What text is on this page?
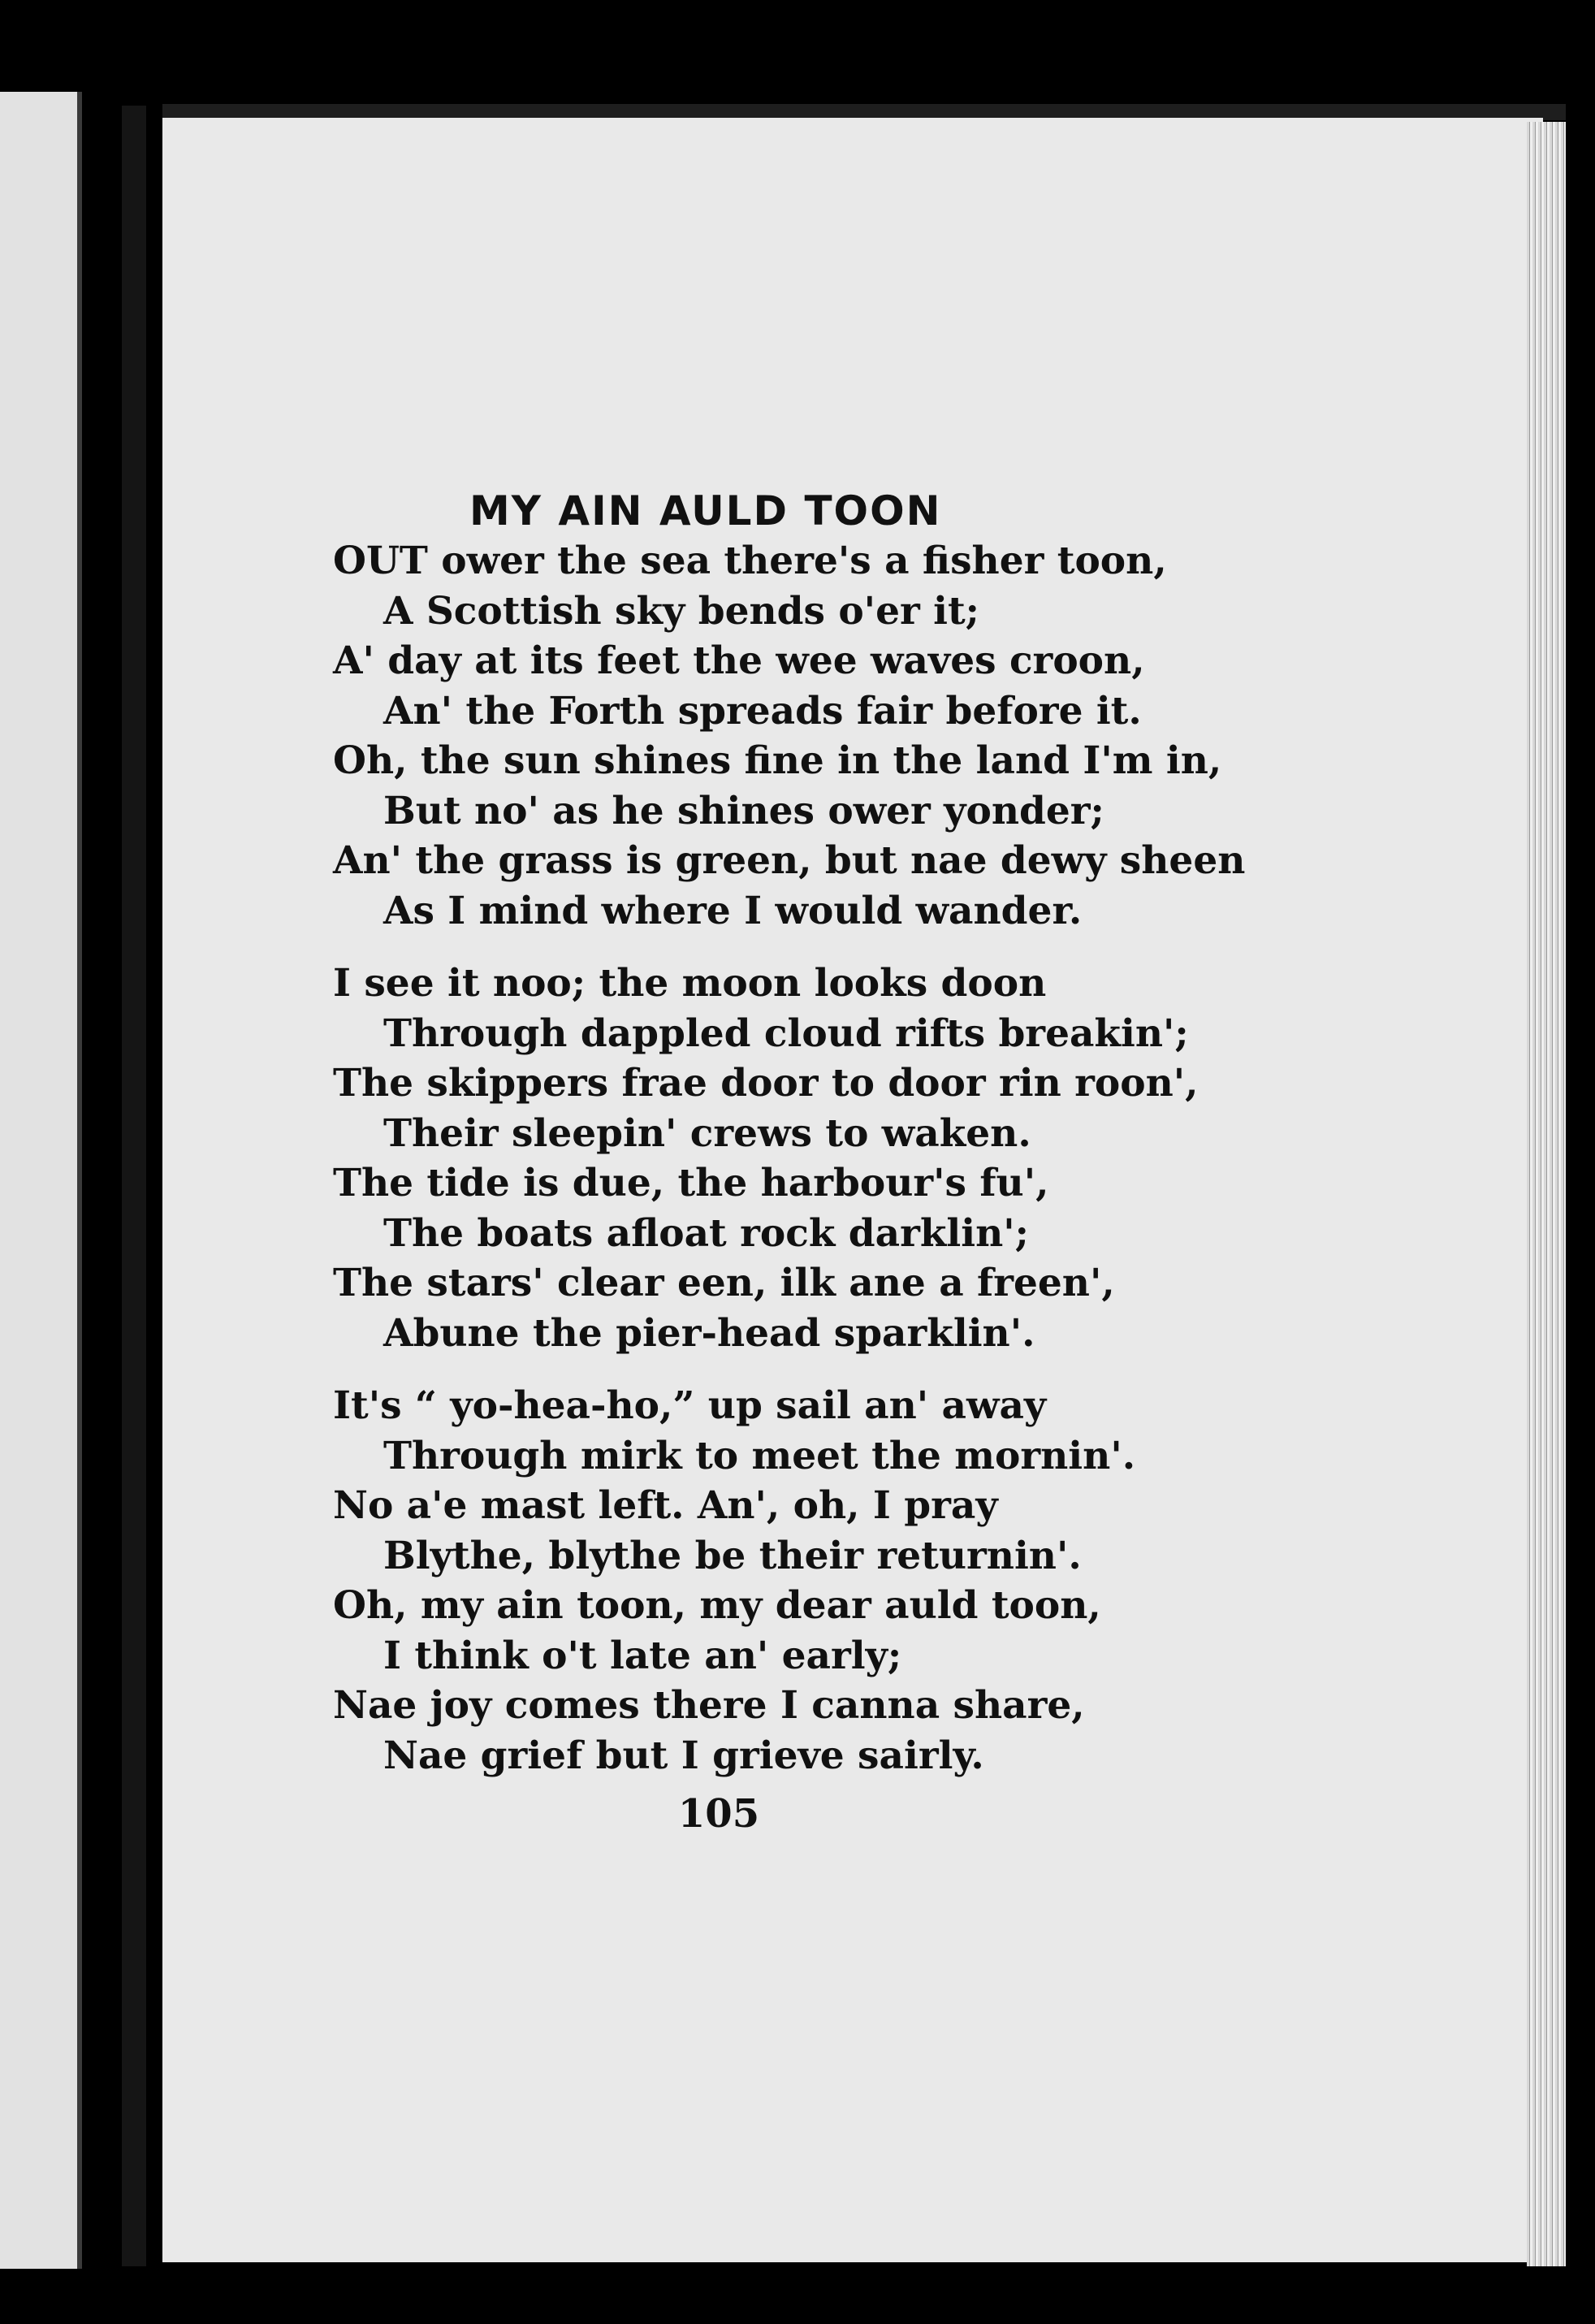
MY AIN AULD TOON
OUT ower the sea there's a fisher toon,
A Scottish sky bends o'er it;
A' day at its feet the wee waves croon,
An' the Forth spreads fair before it.
Oh, the sun shines fine in the land I'm in,
But no' as he shines ower yonder;
An' the grass is green, but nae dewy sheen
As I mind where I would wander.
I see it noo; the moon looks doon
Through dappled cloud rifts breakin';
The skippers frae door to door rin roon',
Their sleepin' crews to waken.
The tide is due, the harbour's fu',
The boats afloat rock darklin';
The stars' clear een, ilk ane a freen',
Abune the pier-head sparklin'.
It's “ yo-hea-ho,” up sail an' away
Through mirk to meet the mornin'.
No a'e mast left. An', oh, I pray
Blythe, blythe be their returnin'.
Oh, my ain toon, my dear auld toon,
I think o't late an' early;
Nae joy comes there I canna share,
Nae grief but I grieve sairly.
105
